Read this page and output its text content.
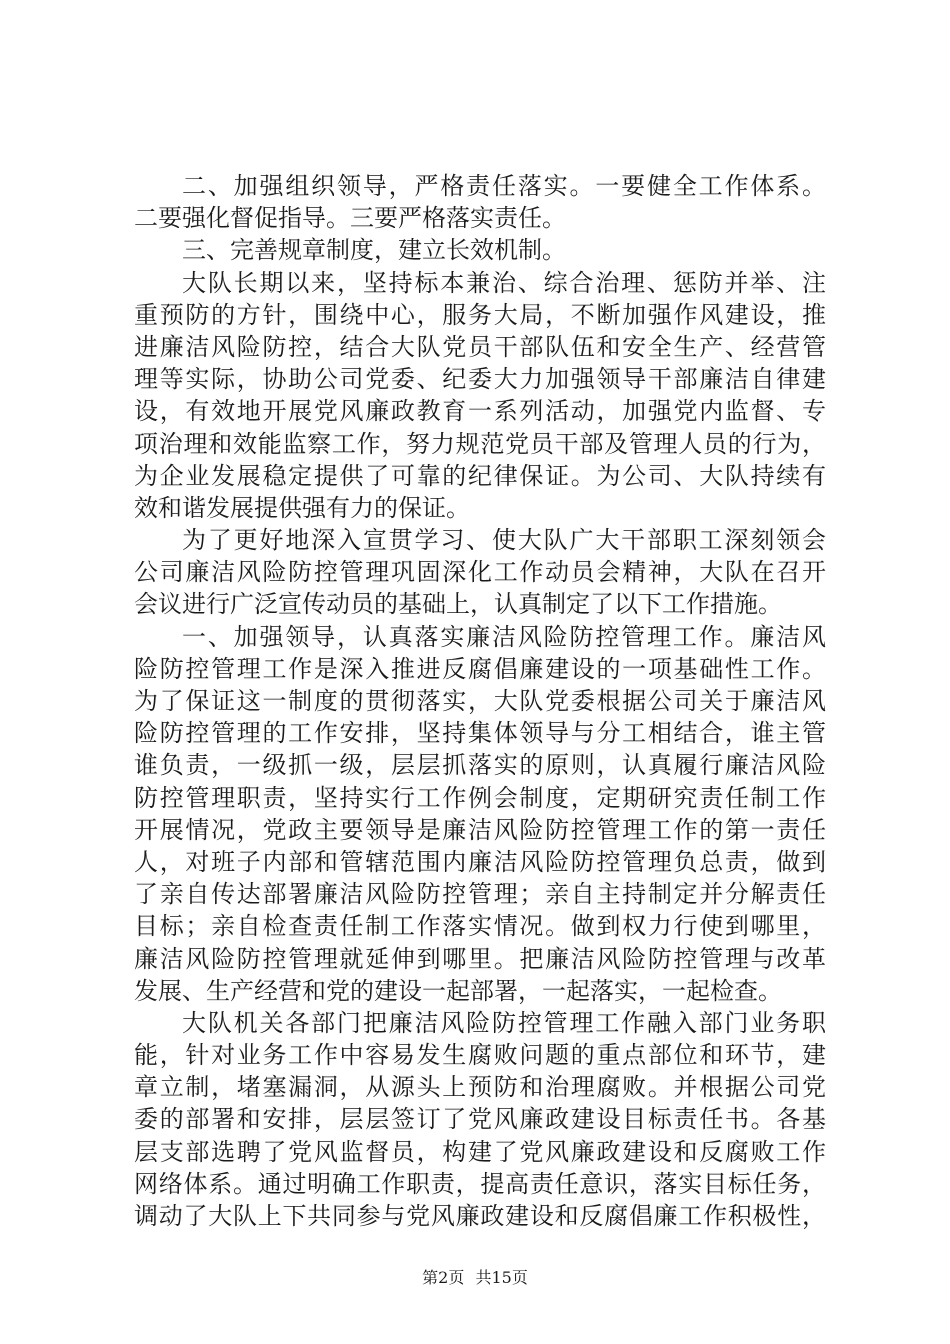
二、加强组织领导，严格责任落实。一要健全工作体系。
二要强化督促指导。三要严格落实责任。
三、完善规章制度，建立长效机制。
大队长期以来，坚持标本兼治、综合治理、惩防并举、注
重预防的方针，围绕中心，服务大局，不断加强作风建设，推
进廉洁风险防控，结合大队党员干部队伍和安全生产、经营管
理等实际，协助公司党委、纪委大力加强领导干部廉洁自律建
设，有效地开展党风廉政教育一系列活动，加强党内监督、专
项治理和效能监察工作，努力规范党员干部及管理人员的行为，
为企业发展稳定提供了可靠的纪律保证。为公司、大队持续有
效和谐发展提供强有力的保证。
为了更好地深入宣贯学习、使大队广大干部职工深刻领会
公司廉洁风险防控管理巩固深化工作动员会精神，大队在召开
会议进行广泛宣传动员的基础上，认真制定了以下工作措施。
一、加强领导，认真落实廉洁风险防控管理工作。廉洁风
险防控管理工作是深入推进反腐倡廉建设的一项基础性工作。
为了保证这一制度的贯彻落实，大队党委根据公司关于廉洁风
险防控管理的工作安排，坚持集体领导与分工相结合，谁主管
谁负责，一级抓一级，层层抓落实的原则，认真履行廉洁风险
防控管理职责，坚持实行工作例会制度，定期研究责任制工作
开展情况，党政主要领导是廉洁风险防控管理工作的第一责任
人，对班子内部和管辖范围内廉洁风险防控管理负总责，做到
了亲自传达部署廉洁风险防控管理；亲自主持制定并分解责任
目标；亲自检查责任制工作落实情况。做到权力行使到哪里，
廉洁风险防控管理就延伸到哪里。把廉洁风险防控管理与改革
发展、生产经营和党的建设一起部署，一起落实，一起检查。
大队机关各部门把廉洁风险防控管理工作融入部门业务职
能，针对业务工作中容易发生腐败问题的重点部位和环节，建
章立制，堵塞漏洞，从源头上预防和治理腐败。并根据公司党
委的部署和安排，层层签订了党风廉政建设目标责任书。各基
层支部选聘了党风监督员，构建了党风廉政建设和反腐败工作
网络体系。通过明确工作职责，提高责任意识，落实目标任务，
调动了大队上下共同参与党风廉政建设和反腐倡廉工作积极性，
第2页 共15页
